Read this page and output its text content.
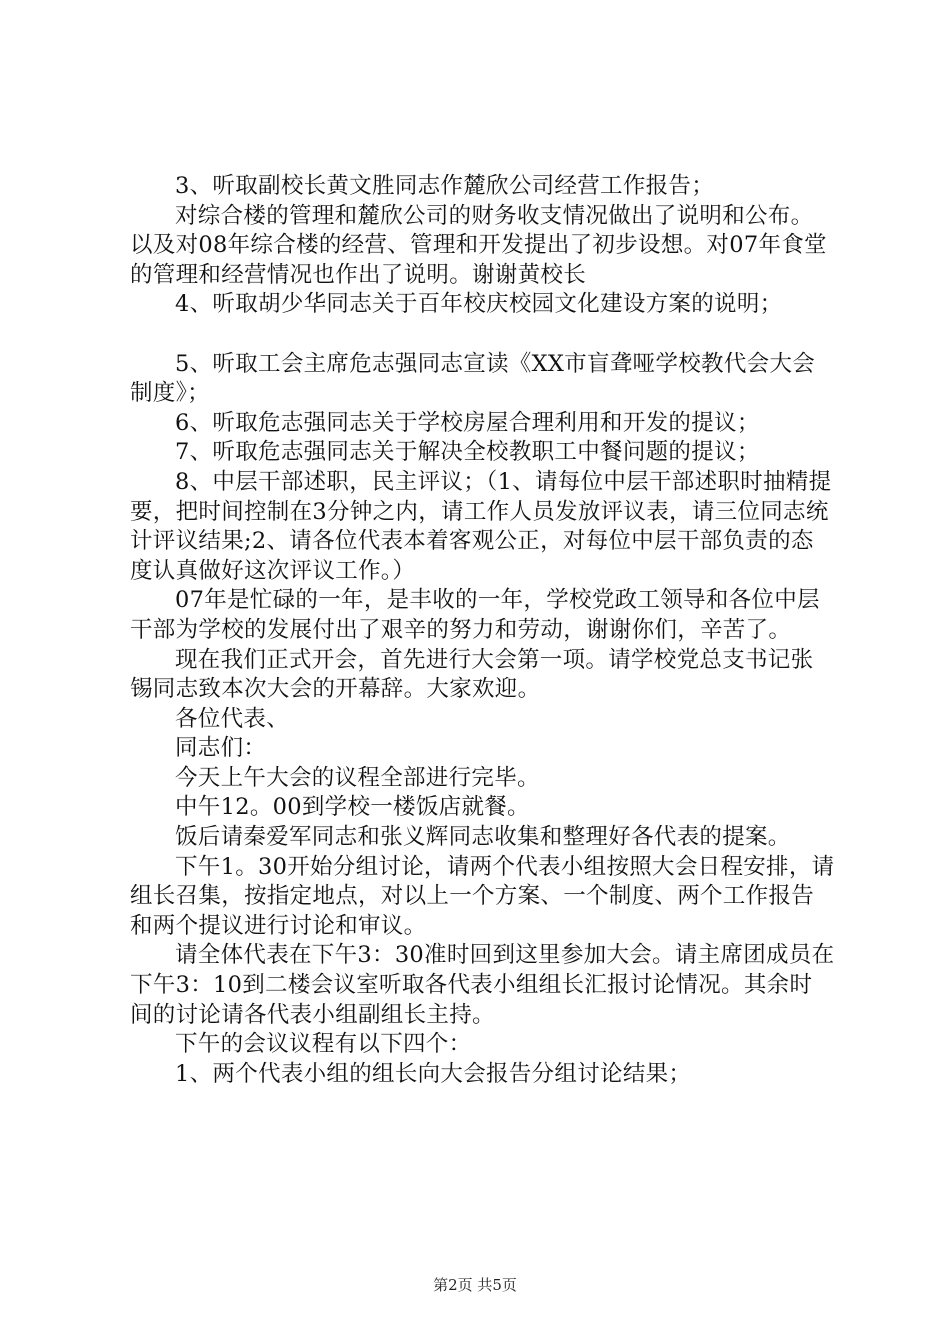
3、听取副校长黄文胜同志作麓欣公司经营工作报告；

对综合楼的管理和麓欣公司的财务收支情况做出了说明和公布。以及对08年综合楼的经营、管理和开发提出了初步设想。对07年食堂的管理和经营情况也作出了说明。谢谢黄校长

4、听取胡少华同志关于百年校庆校园文化建设方案的说明；

5、听取工会主席危志强同志宣读《XX市盲聋哑学校教代会大会制度》；

6、听取危志强同志关于学校房屋合理利用和开发的提议；

7、听取危志强同志关于解决全校教职工中餐问题的提议；

8、中层干部述职，民主评议；（1、请每位中层干部述职时抽精提要，把时间控制在3分钟之内，请工作人员发放评议表，请三位同志统计评议结果;2、请各位代表本着客观公正，对每位中层干部负责的态度认真做好这次评议工作。）

07年是忙碌的一年，是丰收的一年，学校党政工领导和各位中层干部为学校的发展付出了艰辛的努力和劳动，谢谢你们，辛苦了。

现在我们正式开会，首先进行大会第一项。请学校党总支书记张锡同志致本次大会的开幕辞。大家欢迎。

各位代表、

同志们：

今天上午大会的议程全部进行完毕。

中午12。00到学校一楼饭店就餐。

饭后请秦爱军同志和张义辉同志收集和整理好各代表的提案。

下午1。30开始分组讨论，请两个代表小组按照大会日程安排，请组长召集，按指定地点，对以上一个方案、一个制度、两个工作报告和两个提议进行讨论和审议。

请全体代表在下午3：30准时回到这里参加大会。请主席团成员在下午3：10到二楼会议室听取各代表小组组长汇报讨论情况。其余时间的讨论请各代表小组副组长主持。

下午的会议议程有以下四个：

1、两个代表小组的组长向大会报告分组讨论结果；

第2页 共5页
